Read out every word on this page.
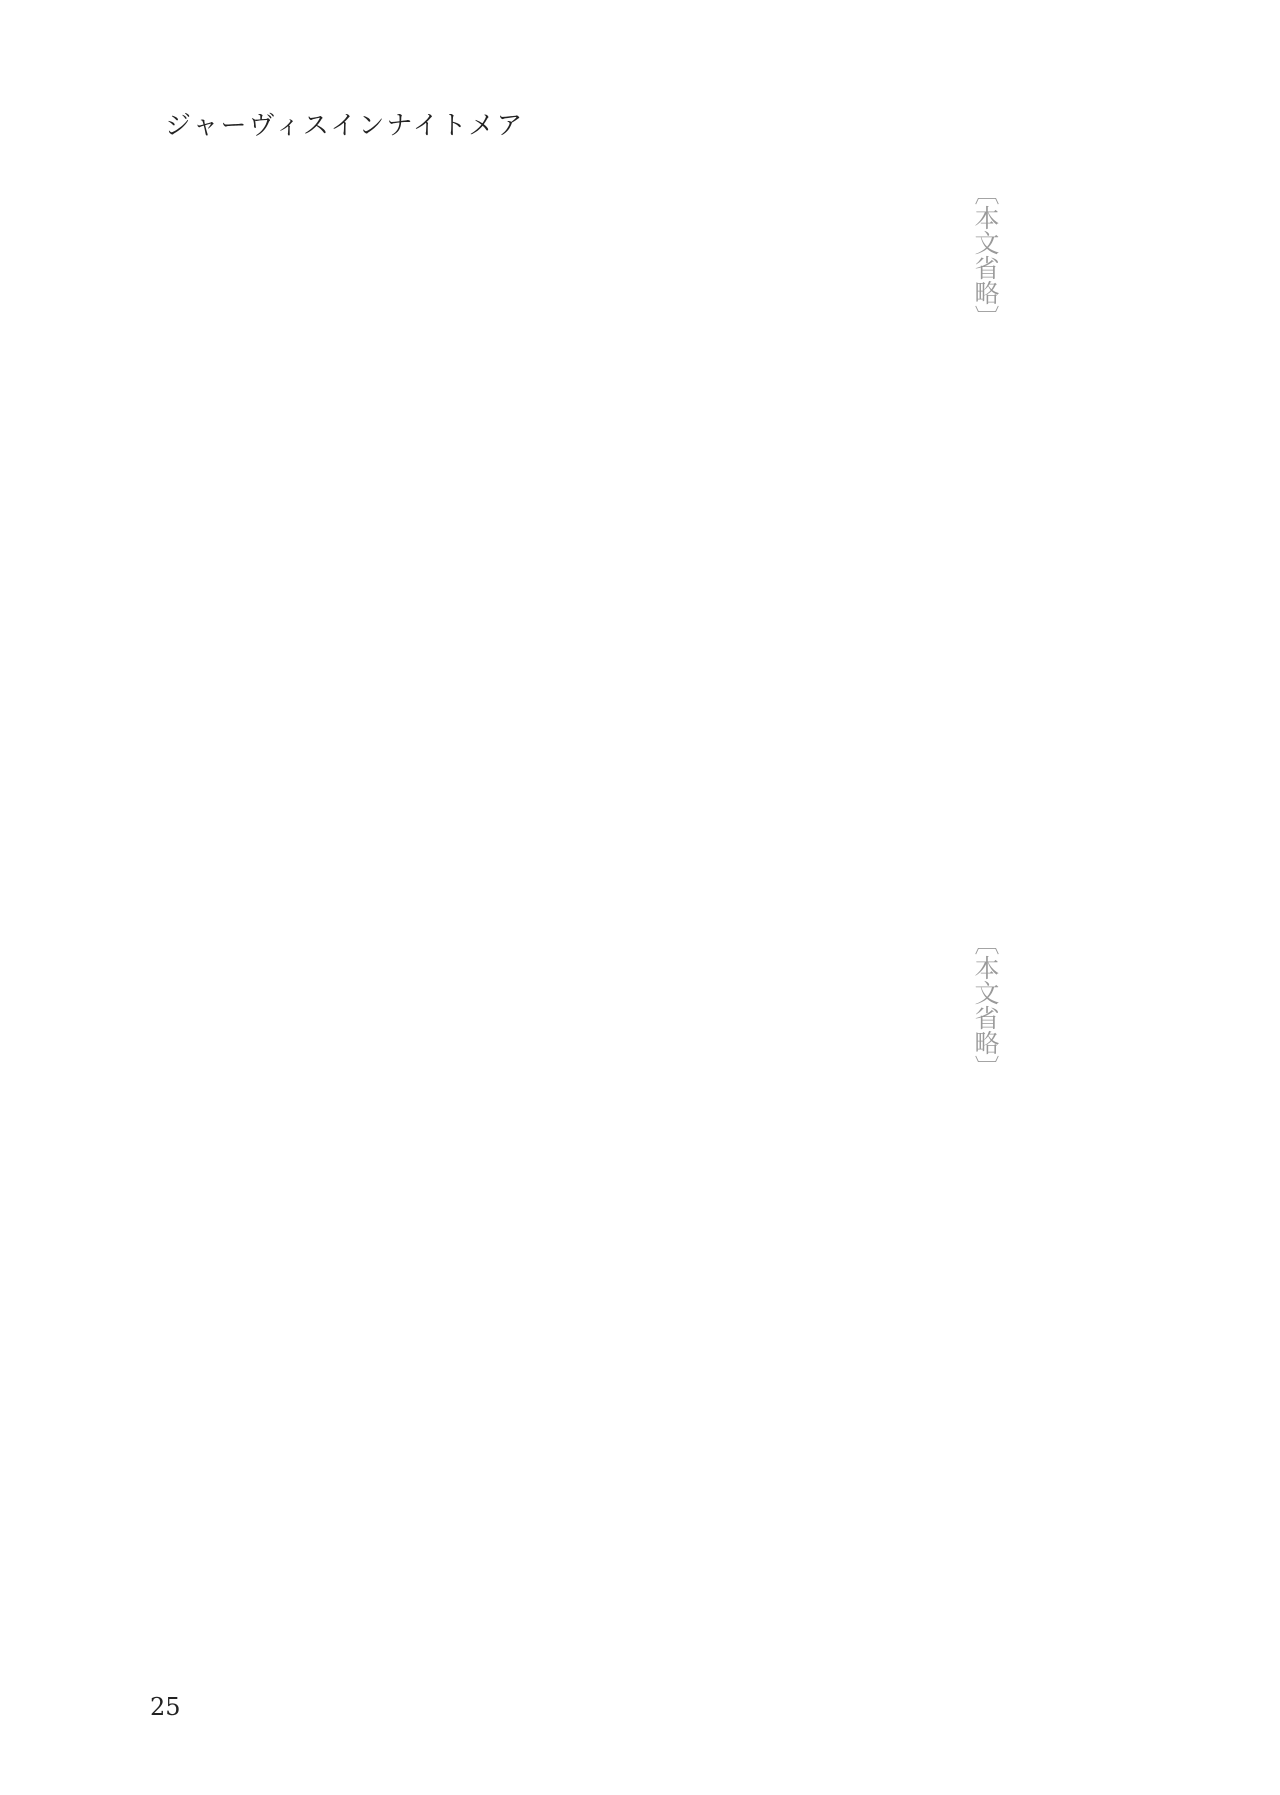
ジャーヴィスインナイトメア
〔本文省略〕
〔本文省略〕
25
